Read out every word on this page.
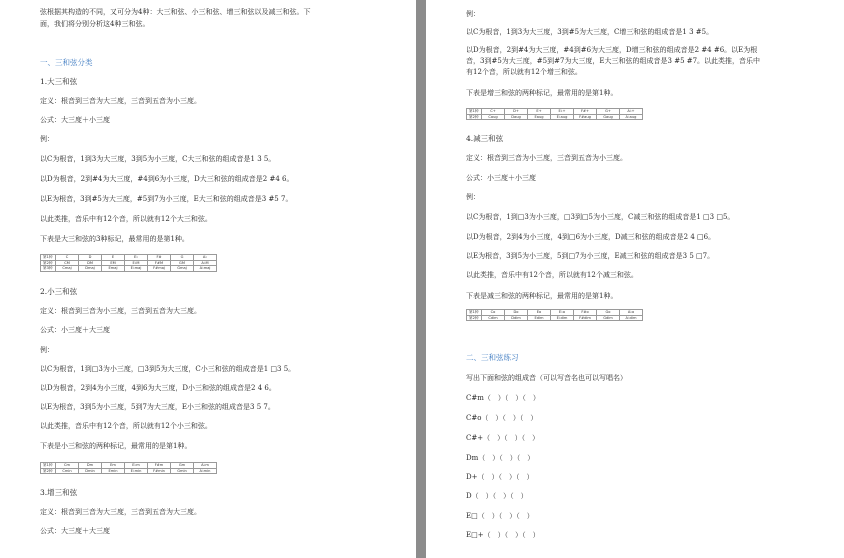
弦根据其构造的不同，又可分为4种：大三和弦、小三和弦、增三和弦以及减三和弦。下

面，我们将分别分析这4种三和弦。

一、三和弦分类

1.大三和弦

定义：根音到三音为大三度，三音到五音为小三度。

公式：大三度＋小三度

例：

以C为根音，1到3为大三度，3到5为小三度，C大三和弦的组成音是1 3 5。

以D为根音，2到#4为大三度，#4到6为小三度，D大三和弦的组成音是2 #4 6。

以E为根音，3到#5为大三度，#5到7为小三度，E大三和弦的组成音是3 #5 7。

以此类推，音乐中有12个音，所以就有12个大三和弦。

下表是大三和弦的3种标记，最常用的是第1种。

第1种	C	D	E	E♭	F#	G	A♭
第2种	CM	DM	EM	E♭M	F#M	GM	A♭M
第3种	Cmaj	Dmaj	Emaj	E♭maj	F#maj	Gmaj	A♭maj

2.小三和弦

定义：根音到三音为小三度，三音到五音为大三度。

公式：小三度＋大三度

例：

以C为根音，1到□3为小三度，□3到5为大三度，C小三和弦的组成音是1 □3 5。

以D为根音，2到4为小三度，4到6为大三度，D小三和弦的组成音是2 4 6。

以E为根音，3到5为小三度，5到7为大三度，E小三和弦的组成音是3 5 7。

以此类推，音乐中有12个音，所以就有12个小三和弦。

下表是小三和弦的两种标记，最常用的是第1种。

第1种	Cm	Dm	Em	E♭m	F#m	Gm	A♭m
第2种	Cmin	Dmin	Emin	E♭min	F#min	Gmin	A♭min

3.增三和弦

定义：根音到三音为大三度，三音到五音为大三度。

公式：大三度＋大三度

例：

以C为根音，1到3为大三度，3到#5为大三度，C增三和弦的组成音是1 3 #5。

以D为根音，2到#4为大三度，#4到#6为大三度，D增三和弦的组成音是2 #4 #6。以E为根

音，3到#5为大三度，#5到#7为大三度，E大三和弦的组成音是3 #5 #7。以此类推，音乐中

有12个音，所以就有12个增三和弦。

下表是增三和弦的两种标记，最常用的是第1种。

第1种	C+	D+	E+	E♭+	F#+	G+	A♭+
第2种	Caug	Daug	Eaug	E♭aug	F#aug	Gaug	A♭aug

4.减三和弦

定义：根音到三音为小三度，三音到五音为小三度。

公式：小三度＋小三度

例：

以C为根音，1到□3为小三度，□3到□5为小三度，C减三和弦的组成音是1 □3 □5。

以D为根音，2到4为小三度，4到□6为小三度，D减三和弦的组成音是2 4 □6。

以E为根音，3到5为小三度，5到□7为小三度，E减三和弦的组成音是3 5 □7。

以此类推，音乐中有12个音，所以就有12个减三和弦。

下表是减三和弦的两种标记，最常用的是第1种。

第1种	Co	Do	Eo	E♭o	F#o	Go	A♭o
第2种	Cdim	Ddim	Edim	E♭dim	F#dim	Gdim	A♭dim

二、三和弦练习

写出下面和弦的组成音（可以写音名也可以写唱名）

C#m（　）（　）（　）

C#o（　）（　）（　）

C#+（　）（　）（　）

Dm（　）（　）（　）

D+（　）（　）（　）

D（　）（　）（　）

E□（　）（　）（　）

E□+（　）（　）（　）
